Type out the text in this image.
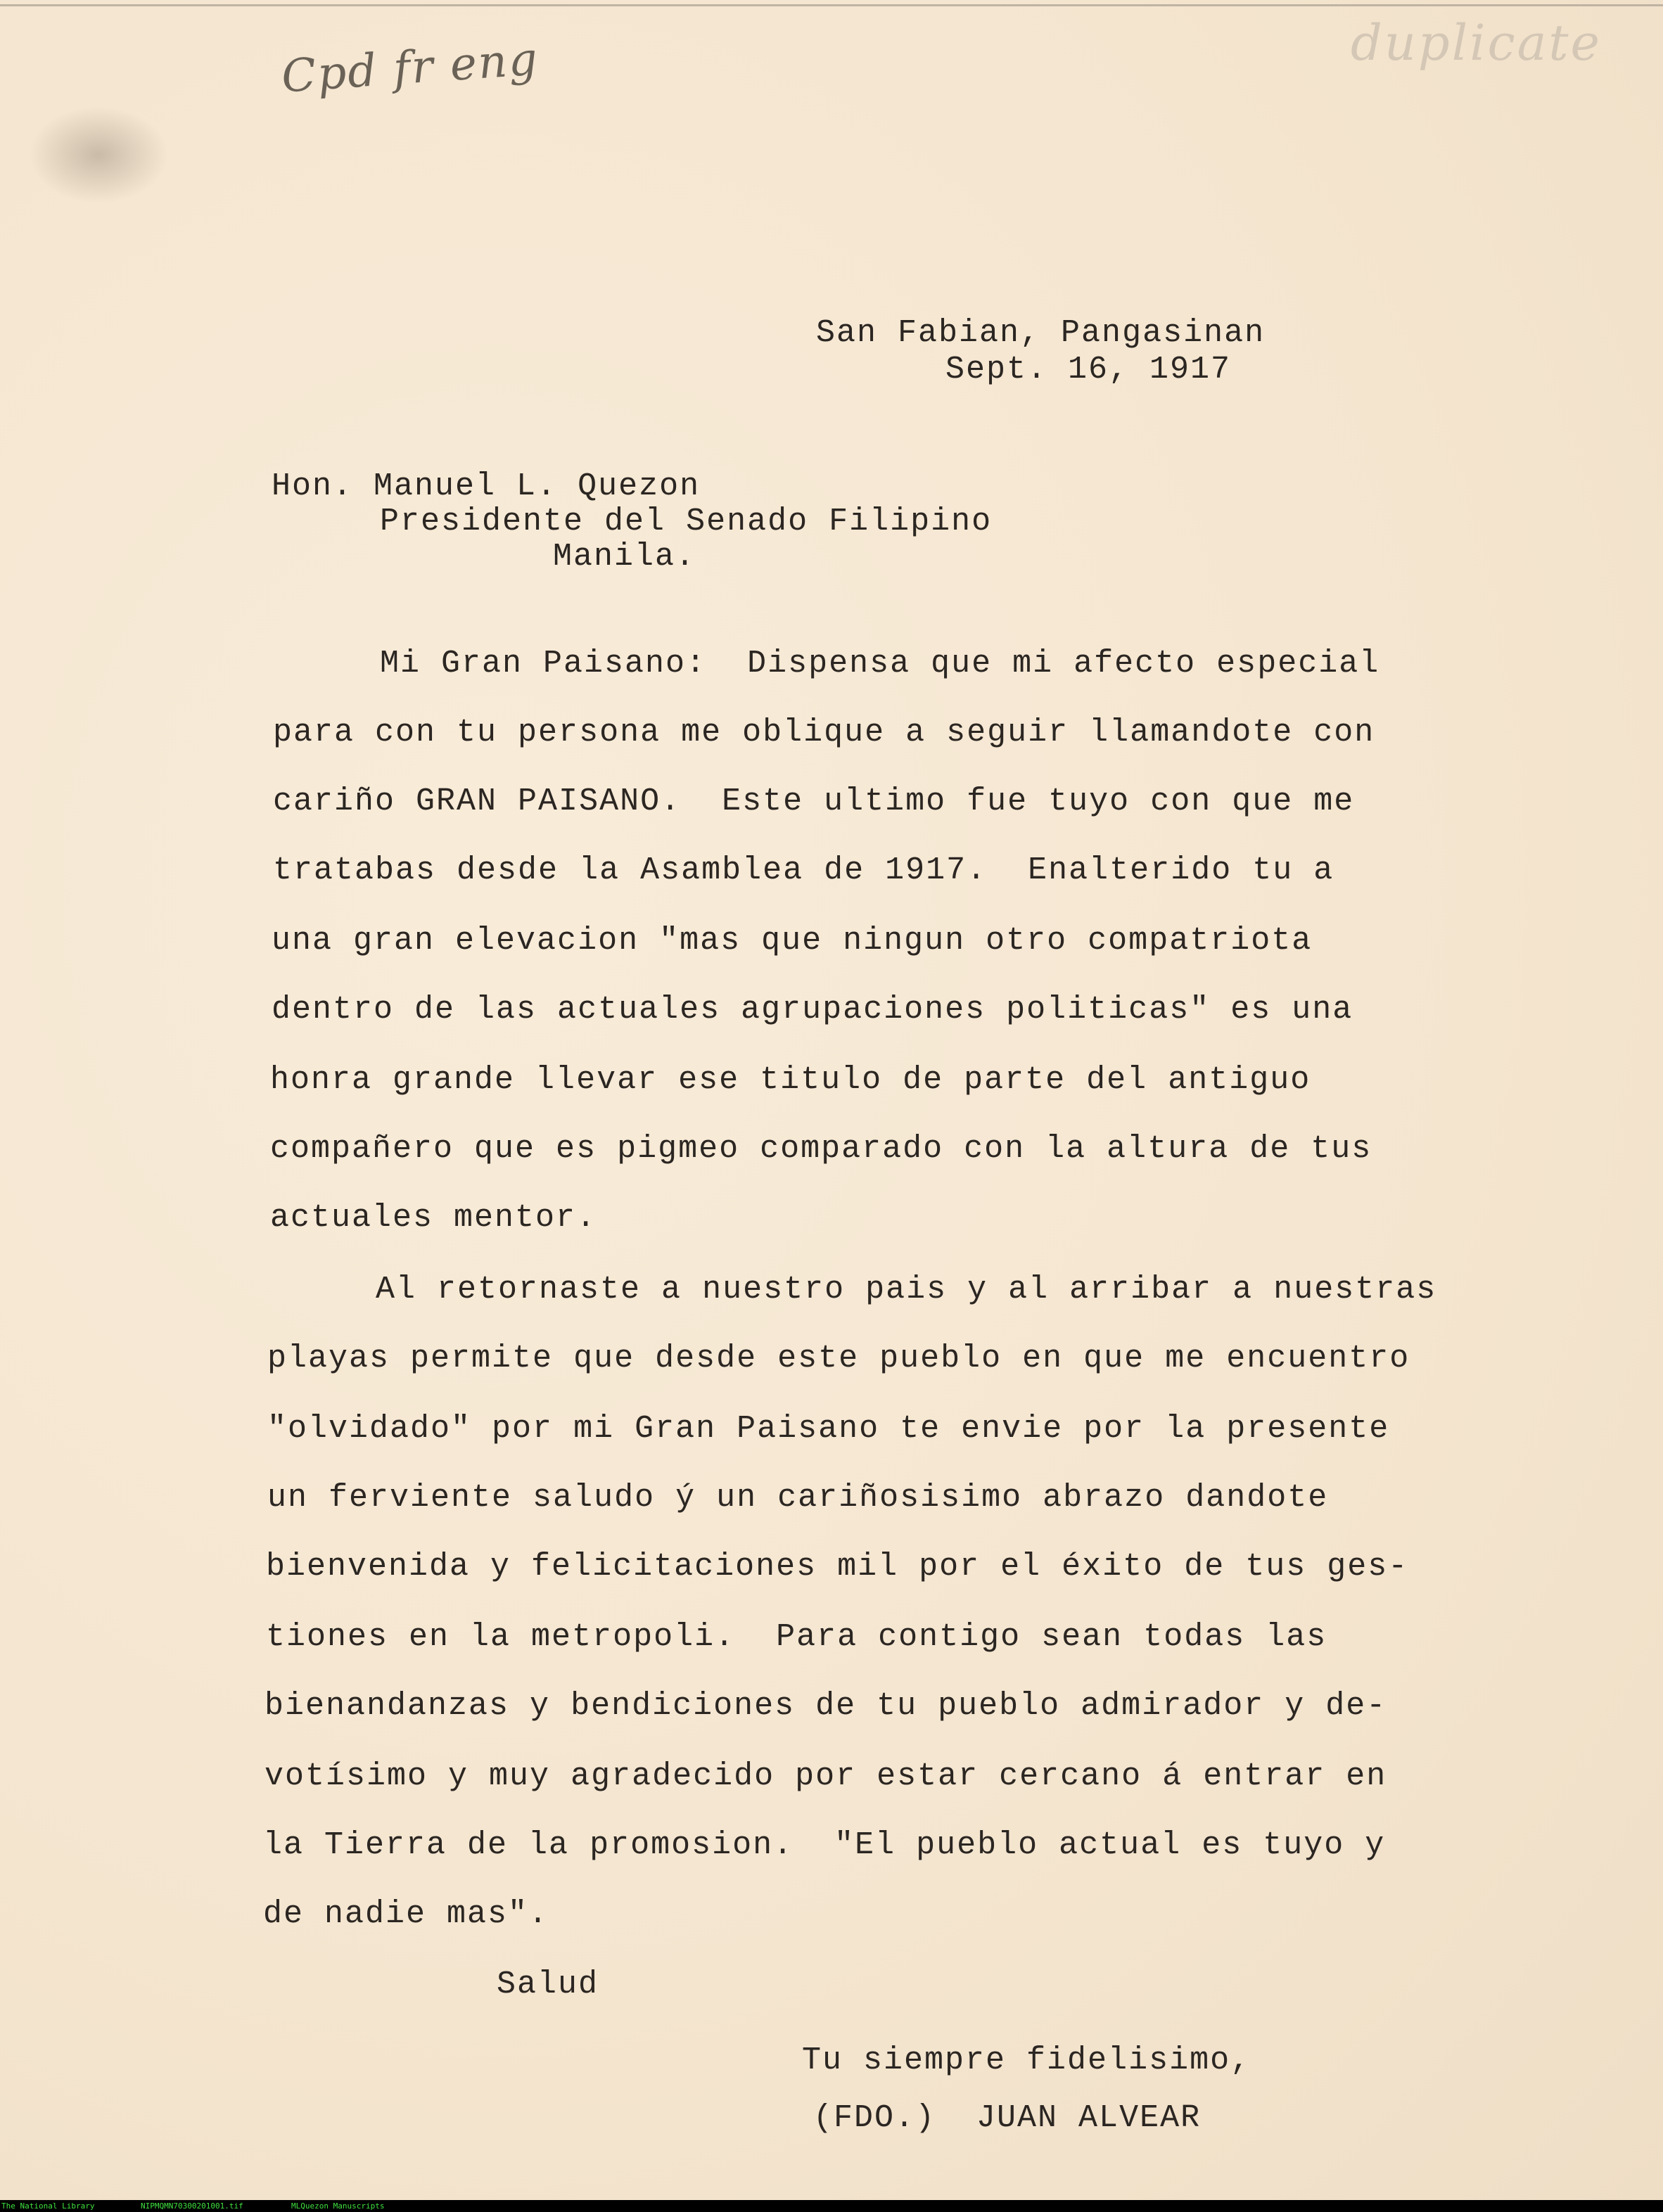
Cpd fr eng	duplicate
San Fabian, Pangasinan
Sept. 16, 1917
Hon. Manuel L. Quezon
Presidente del Senado Filipino
Manila.
Mi Gran Paisano:  Dispensa que mi afecto especial
para con tu persona me oblique a seguir llamandote con
cariño GRAN PAISANO.  Este ultimo fue tuyo con que me
tratabas desde la Asamblea de 1917.  Enalterido tu a
una gran elevacion "mas que ningun otro compatriota
dentro de las actuales agrupaciones politicas" es una
honra grande llevar ese titulo de parte del antiguo
compañero que es pigmeo comparado con la altura de tus
actuales mentor.
Al retornaste a nuestro pais y al arribar a nuestras
playas permite que desde este pueblo en que me encuentro
"olvidado" por mi Gran Paisano te envie por la presente
un ferviente saludo ý un cariñosisimo abrazo dandote
bienvenida y felicitaciones mil por el éxito de tus ges-
tiones en la metropoli.  Para contigo sean todas las
bienandanzas y bendiciones de tu pueblo admirador y de-
votísimo y muy agradecido por estar cercano á entrar en
la Tierra de la promosion.  "El pueblo actual es tuyo y
de nadie mas".
Salud
Tu siempre fidelisimo,
(FDO.)  JUAN ALVEAR
The National Library	NIPMQMN70300201001.tif	MLQuezon Manuscripts
